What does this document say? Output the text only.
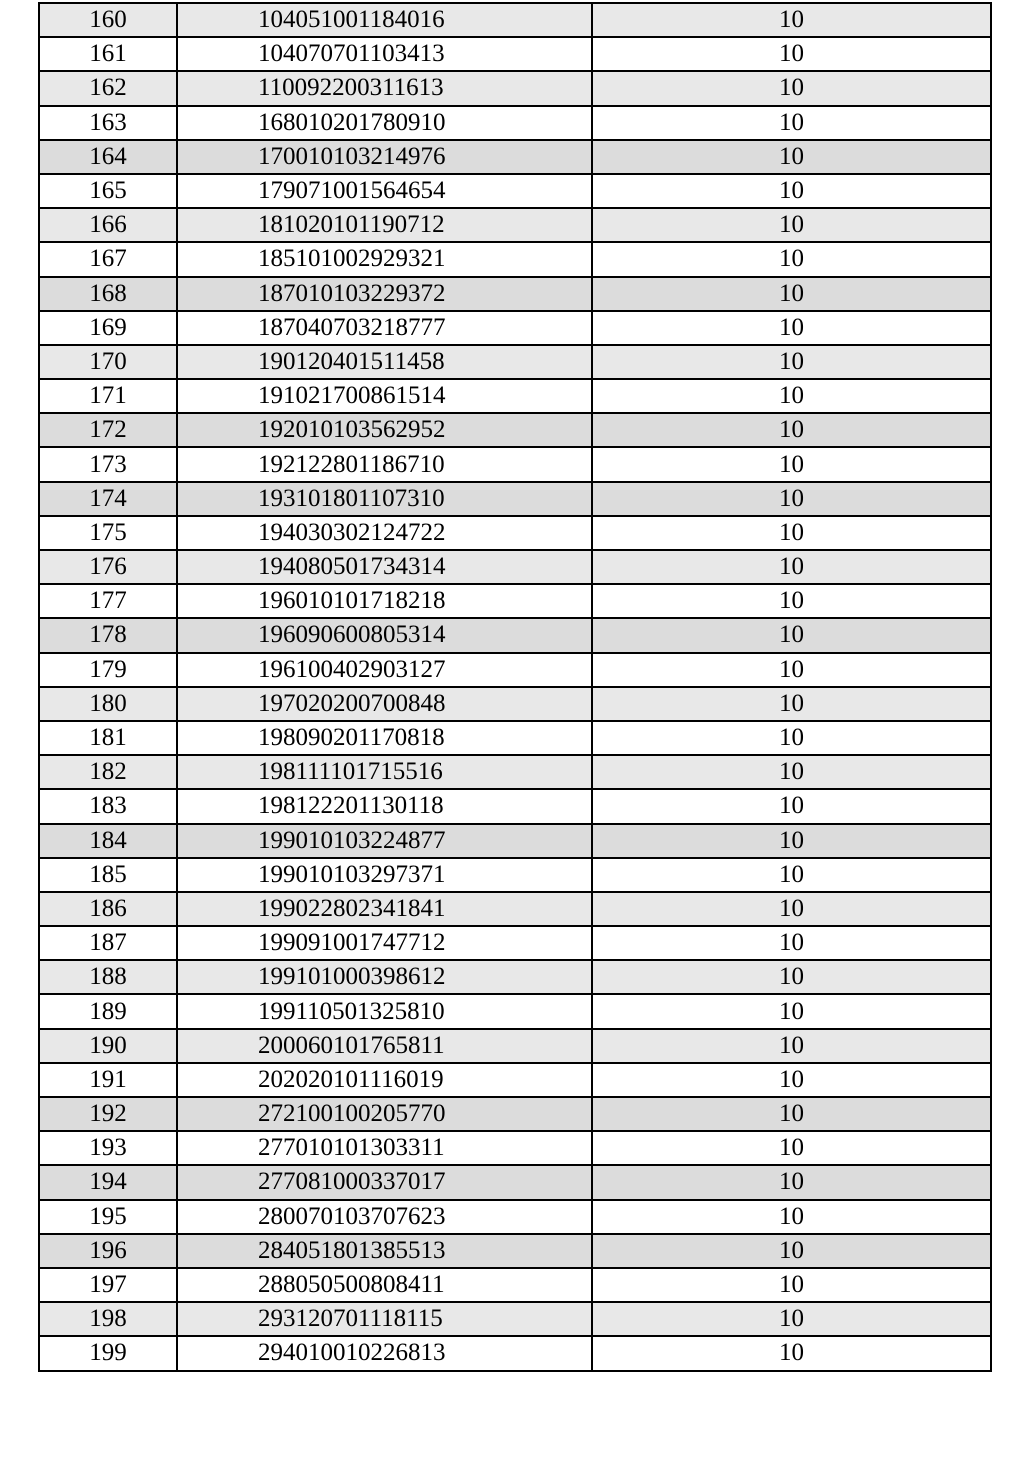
160	104051001184016	10
161	104070701103413	10
162	110092200311613	10
163	168010201780910	10
164	170010103214976	10
165	179071001564654	10
166	181020101190712	10
167	185101002929321	10
168	187010103229372	10
169	187040703218777	10
170	190120401511458	10
171	191021700861514	10
172	192010103562952	10
173	192122801186710	10
174	193101801107310	10
175	194030302124722	10
176	194080501734314	10
177	196010101718218	10
178	196090600805314	10
179	196100402903127	10
180	197020200700848	10
181	198090201170818	10
182	198111101715516	10
183	198122201130118	10
184	199010103224877	10
185	199010103297371	10
186	199022802341841	10
187	199091001747712	10
188	199101000398612	10
189	199110501325810	10
190	200060101765811	10
191	202020101116019	10
192	272100100205770	10
193	277010101303311	10
194	277081000337017	10
195	280070103707623	10
196	284051801385513	10
197	288050500808411	10
198	293120701118115	10
199	294010010226813	10
